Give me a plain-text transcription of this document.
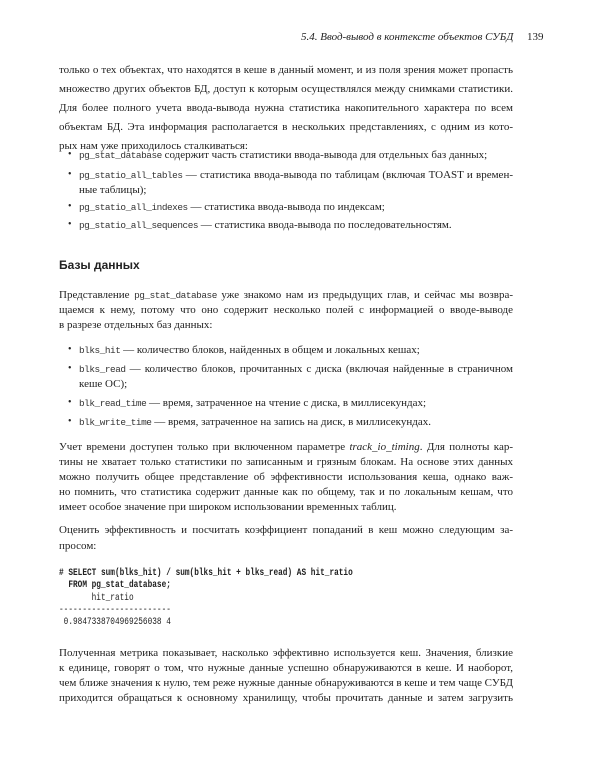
5.4. Ввод-вывод в контексте объектов СУБД 139
только о тех объектах, что находятся в кеше в данный момент, и из поля зрения может пропасть
множество других объектов БД, доступ к которым осуществлялся между снимками статистики.
Для более полного учета ввода-вывода нужна статистика накопительного характера по всем
объектам БД. Эта информация располагается в нескольких представлениях, с одним из кото-
рых нам уже приходилось сталкиваться:
• pg_stat_database содержит часть статистики ввода-вывода для отдельных баз данных;
• pg_statio_all_tables — статистика ввода-вывода по таблицам (включая TOAST и времен-
ные таблицы);
• pg_statio_all_indexes — статистика ввода-вывода по индексам;
• pg_statio_all_sequences — статистика ввода-вывода по последовательностям.
Базы данных
Представление pg_stat_database уже знакомо нам из предыдущих глав, и сейчас мы возвра-
щаемся к нему, потому что оно содержит несколько полей с информацией о вводе-выводе
в разрезе отдельных баз данных:
• blks_hit — количество блоков, найденных в общем и локальных кешах;
• blks_read — количество блоков, прочитанных с диска (включая найденные в страничном
кеше ОС);
• blk_read_time — время, затраченное на чтение с диска, в миллисекундах;
• blk_write_time — время, затраченное на запись на диск, в миллисекундах.
Учет времени доступен только при включенном параметре track_io_timing. Для полноты кар-
тины не хватает только статистики по записанным и грязным блокам. На основе этих данных
можно получить общее представление об эффективности использования кеша, однако важ-
но помнить, что статистика содержит данные как по общему, так и по локальным кешам, что
имеет особое значение при широком использовании временных таблиц.
Оценить эффективность и посчитать коэффициент попаданий в кеш можно следующим за-
просом:
# SELECT sum(blks_hit) / sum(blks_hit + blks_read) AS hit_ratio
FROM pg_stat_database;
hit_ratio
------------------------
0.9847338704969256038 4
Полученная метрика показывает, насколько эффективно используется кеш. Значения, близкие
к единице, говорят о том, что нужные данные успешно обнаруживаются в кеше. И наоборот,
чем ближе значения к нулю, тем реже нужные данные обнаруживаются в кеше и тем чаще СУБД
приходится обращаться к основному хранилищу, чтобы прочитать данные и затем загрузить
